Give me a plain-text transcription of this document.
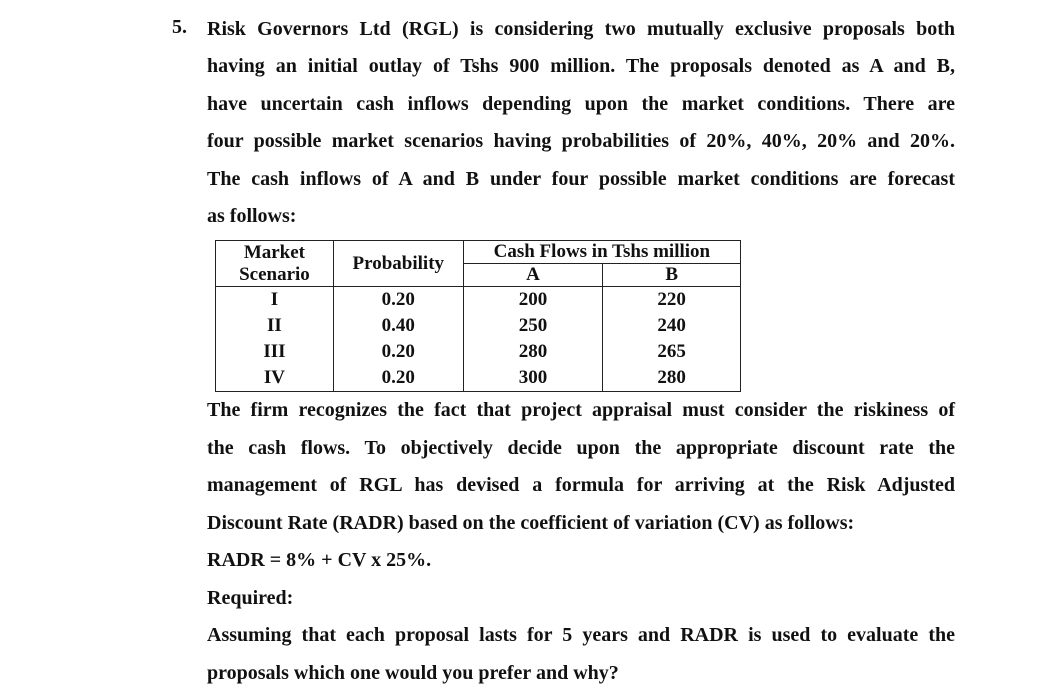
5. Risk Governors Ltd (RGL) is considering two mutually exclusive proposals both
having an initial outlay of Tshs 900 million. The proposals denoted as A and B,
have uncertain cash inflows depending upon the market conditions. There are
four possible market scenarios having probabilities of 20%, 40%, 20% and 20%.
The cash inflows of A and B under four possible market conditions are forecast
as follows:
Market
Scenario	Probability	Cash Flows in Tshs million	
		A	B
I	0.20	200	220
II	0.40	250	240
III	0.20	280	265
IV	0.20	300	280
The firm recognizes the fact that project appraisal must consider the riskiness of
the cash flows. To objectively decide upon the appropriate discount rate the
management of RGL has devised a formula for arriving at the Risk Adjusted
Discount Rate (RADR) based on the coefficient of variation (CV) as follows:
RADR = 8% + CV x 25%.
Required:
Assuming that each proposal lasts for 5 years and RADR is used to evaluate the
proposals which one would you prefer and why?
